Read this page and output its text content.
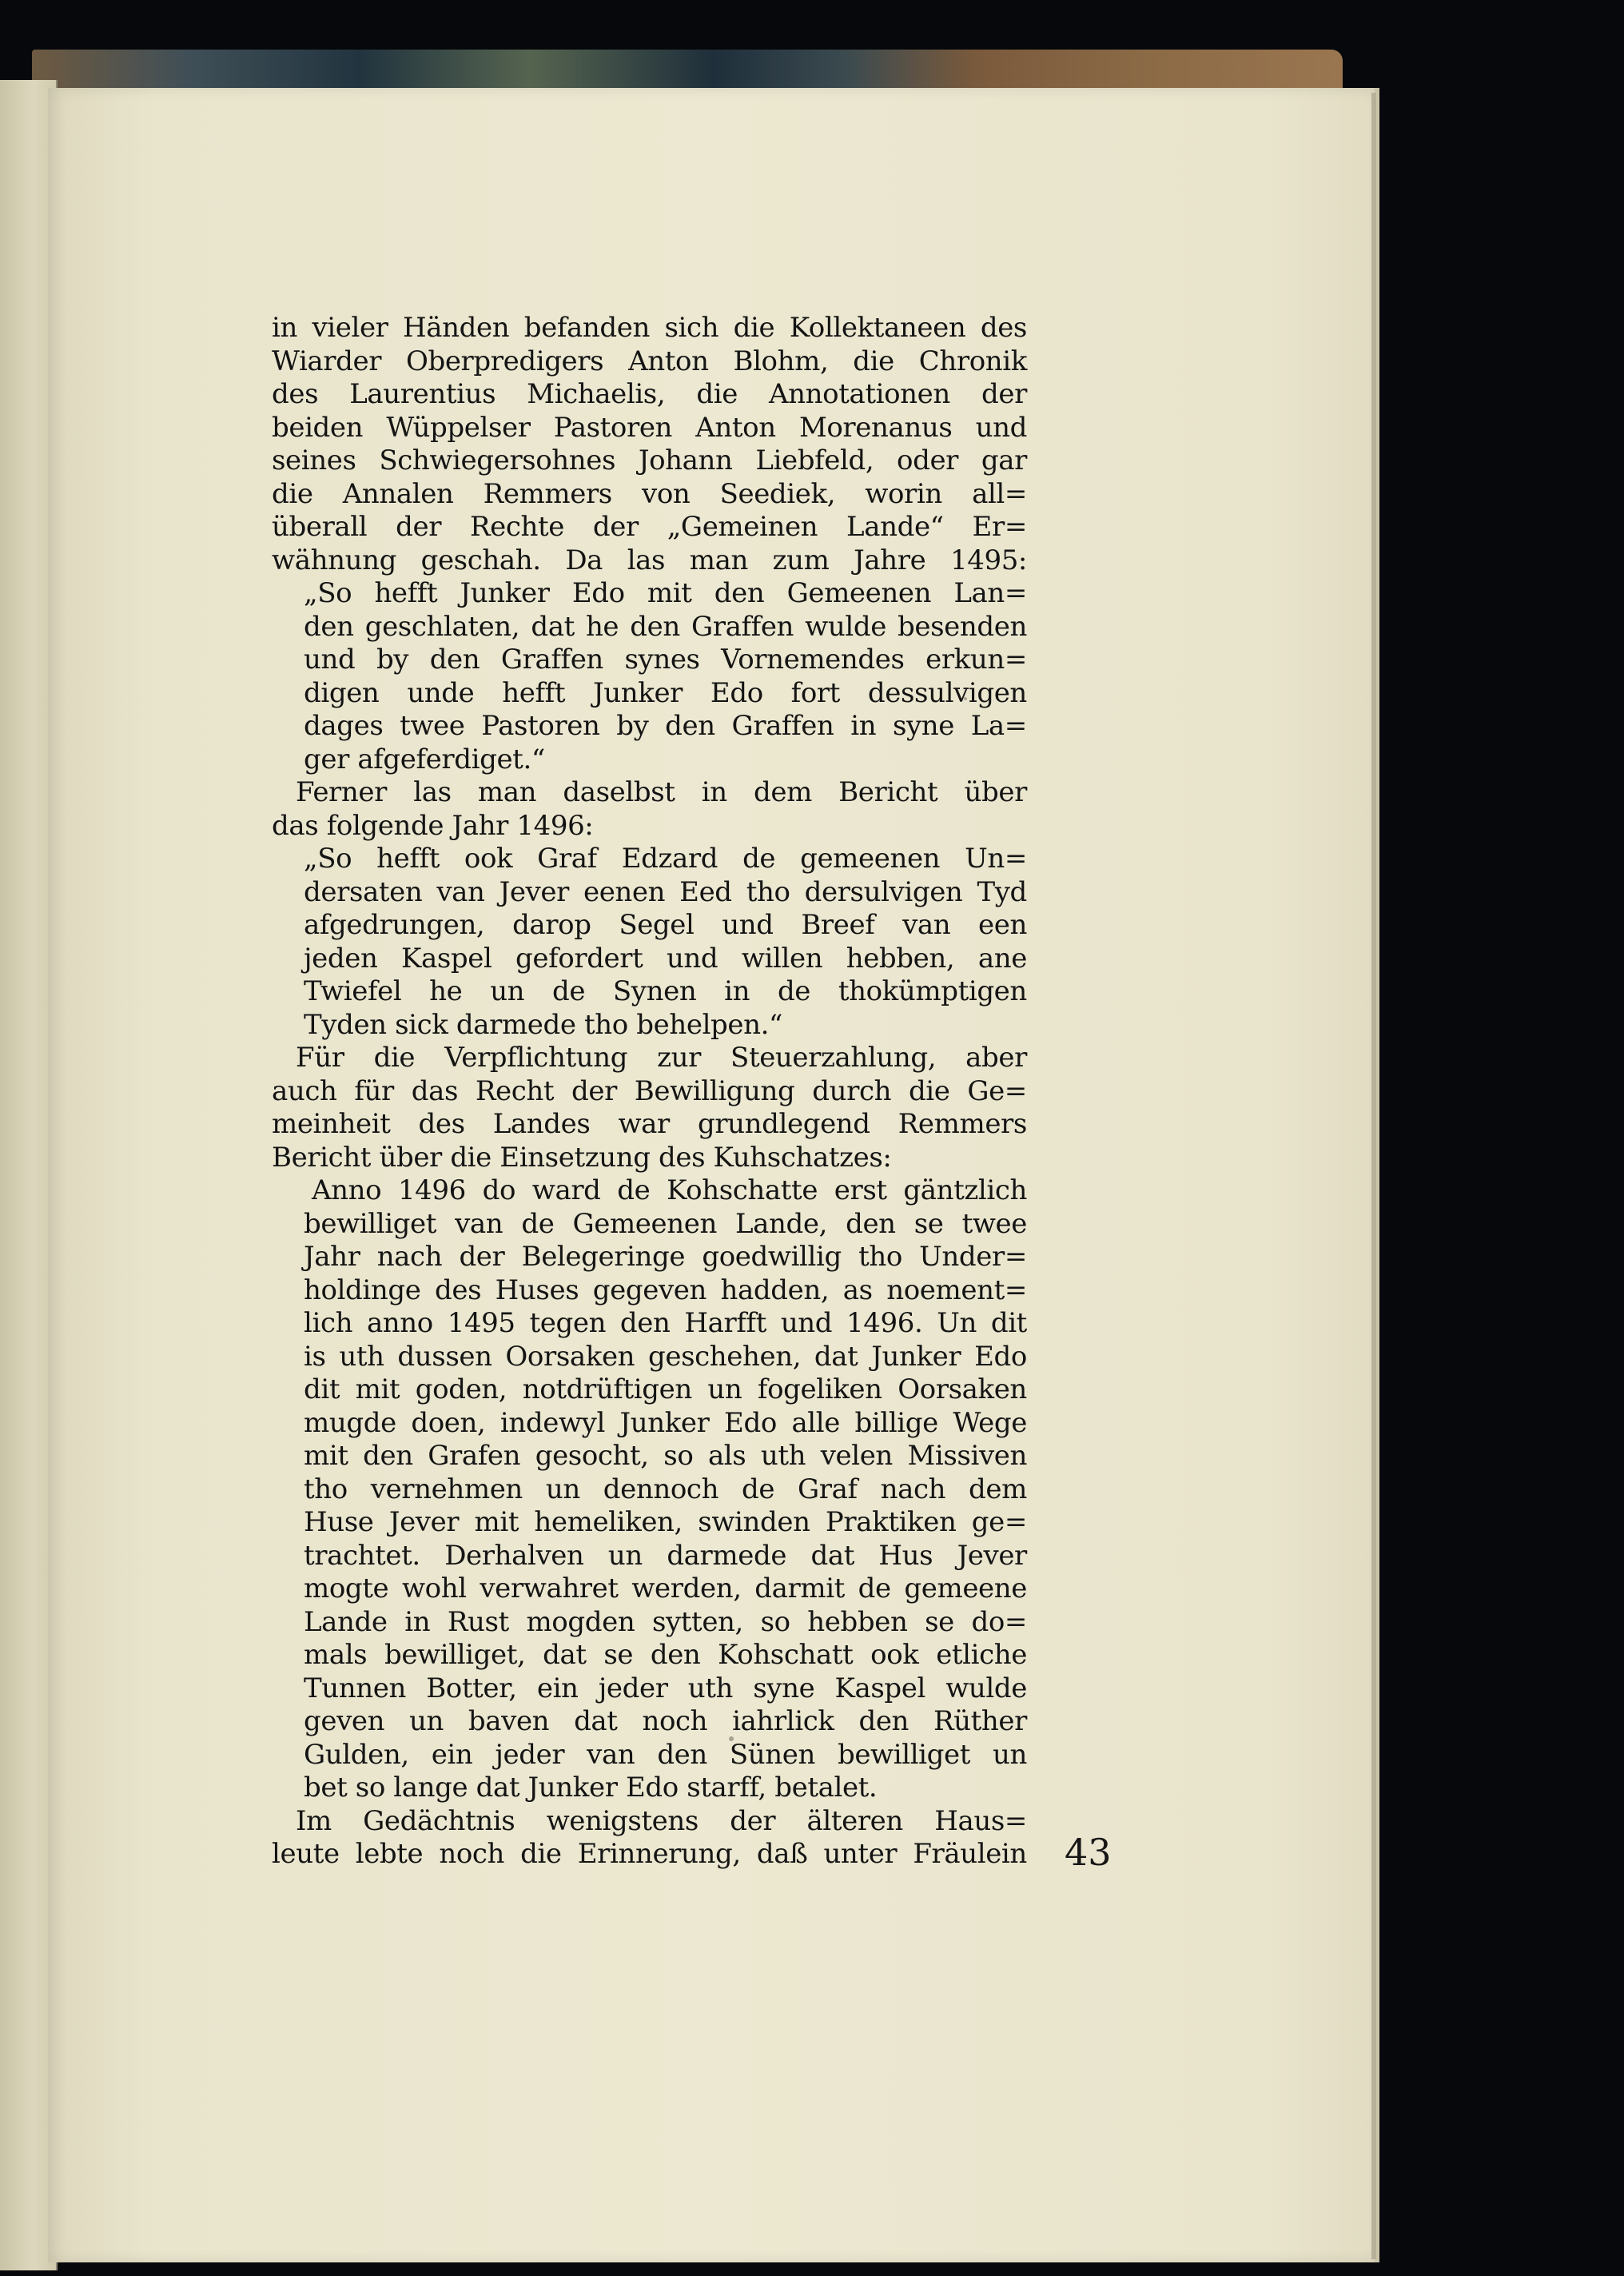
in vieler Händen befanden sich die Kollektaneen des
Wiarder Oberpredigers Anton Blohm, die Chronik
des Laurentius Michaelis, die Annotationen der
beiden Wüppelser Pastoren Anton Morenanus und
seines Schwiegersohnes Johann Liebfeld, oder gar
die Annalen Remmers von Seediek, worin all=
überall der Rechte der „Gemeinen Lande“ Er=
wähnung geschah. Da las man zum Jahre 1495:
„So hefft Junker Edo mit den Gemeenen Lan=
den geschlaten, dat he den Graffen wulde besenden
und by den Graffen synes Vornemendes erkun=
digen unde hefft Junker Edo fort dessulvigen
dages twee Pastoren by den Graffen in syne La=
ger afgeferdiget.“
Ferner las man daselbst in dem Bericht über
das folgende Jahr 1496:
„So hefft ook Graf Edzard de gemeenen Un=
dersaten van Jever eenen Eed tho dersulvigen Tyd
afgedrungen, darop Segel und Breef van een
jeden Kaspel gefordert und willen hebben, ane
Twiefel he un de Synen in de thokümptigen
Tyden sick darmede tho behelpen.“
Für die Verpflichtung zur Steuerzahlung, aber
auch für das Recht der Bewilligung durch die Ge=
meinheit des Landes war grundlegend Remmers
Bericht über die Einsetzung des Kuhschatzes:
Anno 1496 do ward de Kohschatte erst gäntzlich
bewilliget van de Gemeenen Lande, den se twee
Jahr nach der Belegeringe goedwillig tho Under=
holdinge des Huses gegeven hadden, as noement=
lich anno 1495 tegen den Harfft und 1496. Un dit
is uth dussen Oorsaken geschehen, dat Junker Edo
dit mit goden, notdrüftigen un fogeliken Oorsaken
mugde doen, indewyl Junker Edo alle billige Wege
mit den Grafen gesocht, so als uth velen Missiven
tho vernehmen un dennoch de Graf nach dem
Huse Jever mit hemeliken, swinden Praktiken ge=
trachtet. Derhalven un darmede dat Hus Jever
mogte wohl verwahret werden, darmit de gemeene
Lande in Rust mogden sytten, so hebben se do=
mals bewilliget, dat se den Kohschatt ook etliche
Tunnen Botter, ein jeder uth syne Kaspel wulde
geven un baven dat noch iahrlick den Rüther
Gulden, ein jeder van den Sünen bewilliget un
bet so lange dat Junker Edo starff, betalet.
Im Gedächtnis wenigstens der älteren Haus=
leute lebte noch die Erinnerung, daß unter Fräulein 43
